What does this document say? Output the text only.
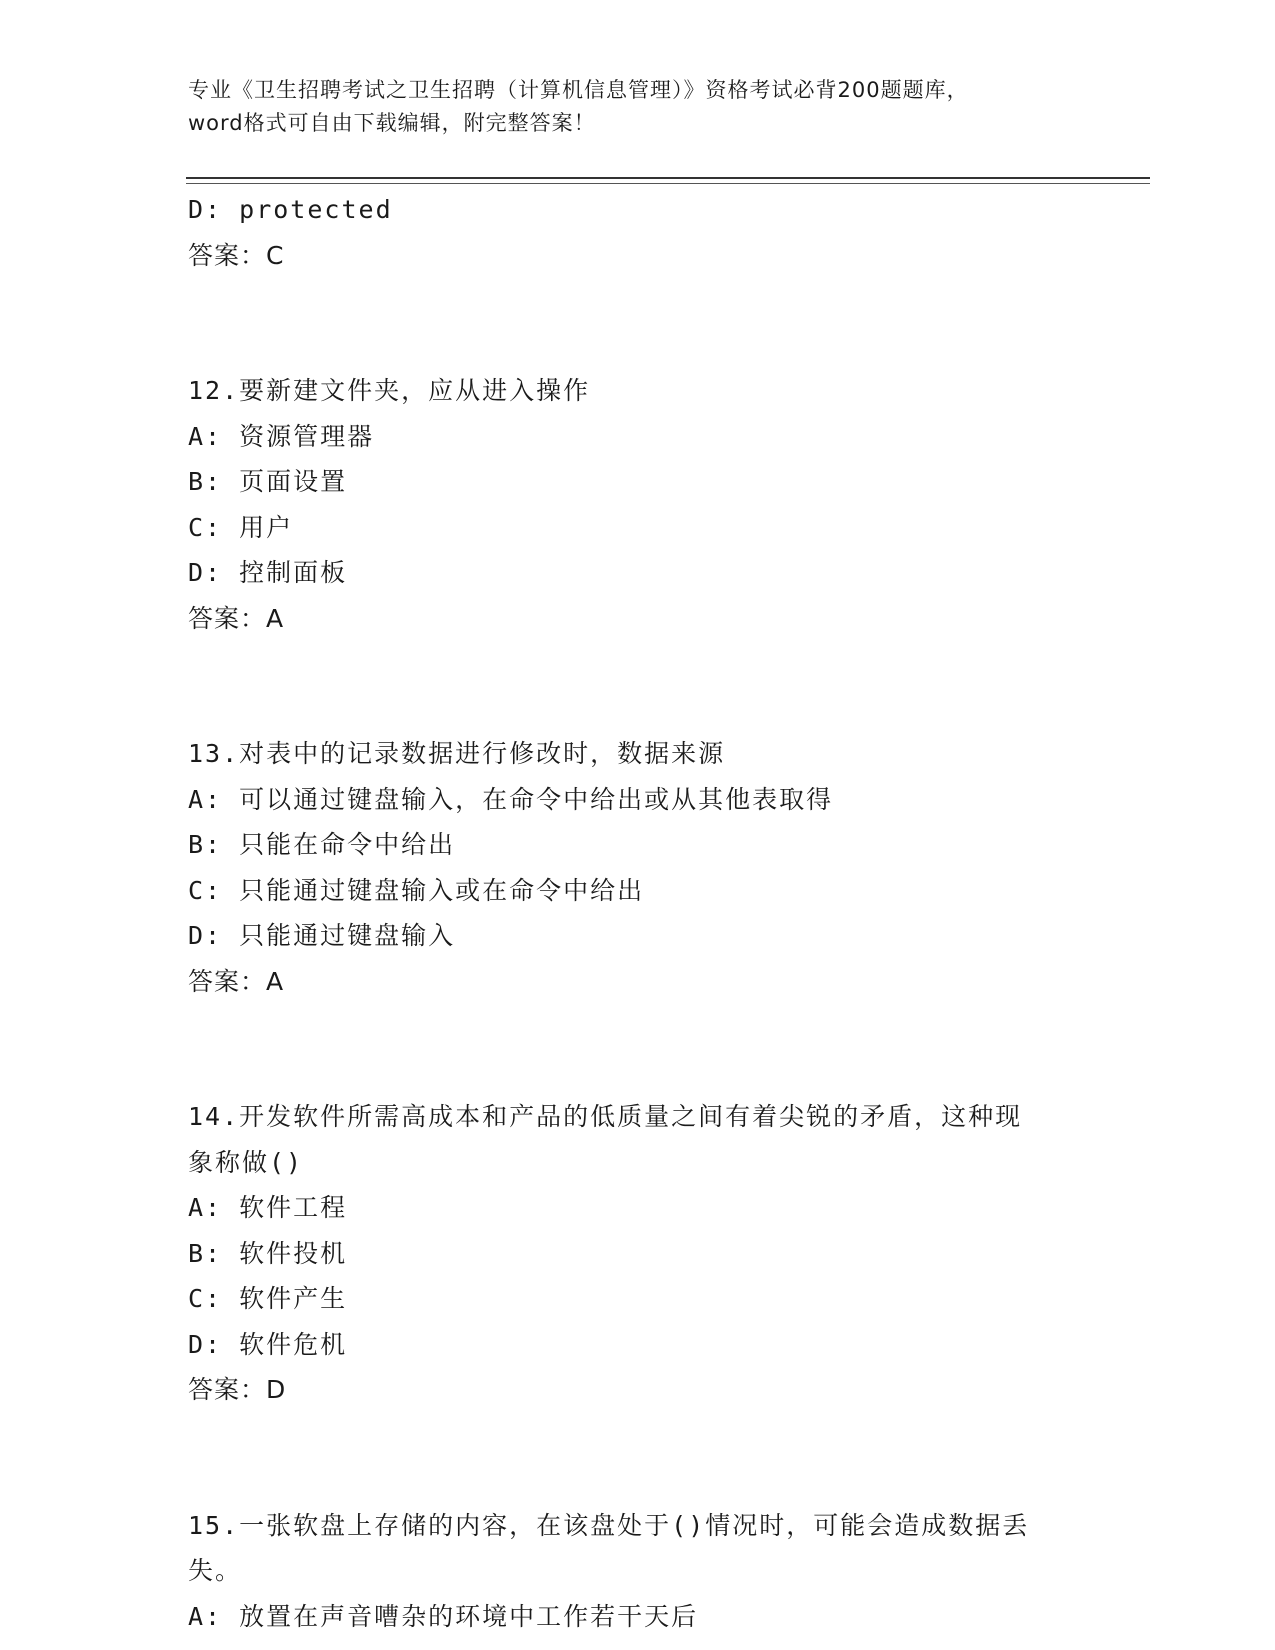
专业《卫生招聘考试之卫生招聘（计算机信息管理）》资格考试必背200题题库，
word格式可自由下载编辑，附完整答案！
D: protected
答案：C
12.要新建文件夹，应从进入操作
A: 资源管理器
B: 页面设置
C: 用户
D: 控制面板
答案：A
13.对表中的记录数据进行修改时，数据来源
A: 可以通过键盘输入，在命令中给出或从其他表取得
B: 只能在命令中给出
C: 只能通过键盘输入或在命令中给出
D: 只能通过键盘输入
答案：A
14.开发软件所需高成本和产品的低质量之间有着尖锐的矛盾，这种现
象称做()
A: 软件工程
B: 软件投机
C: 软件产生
D: 软件危机
答案：D
15.一张软盘上存储的内容，在该盘处于()情况时，可能会造成数据丢
失。
A: 放置在声音嘈杂的环境中工作若干天后
